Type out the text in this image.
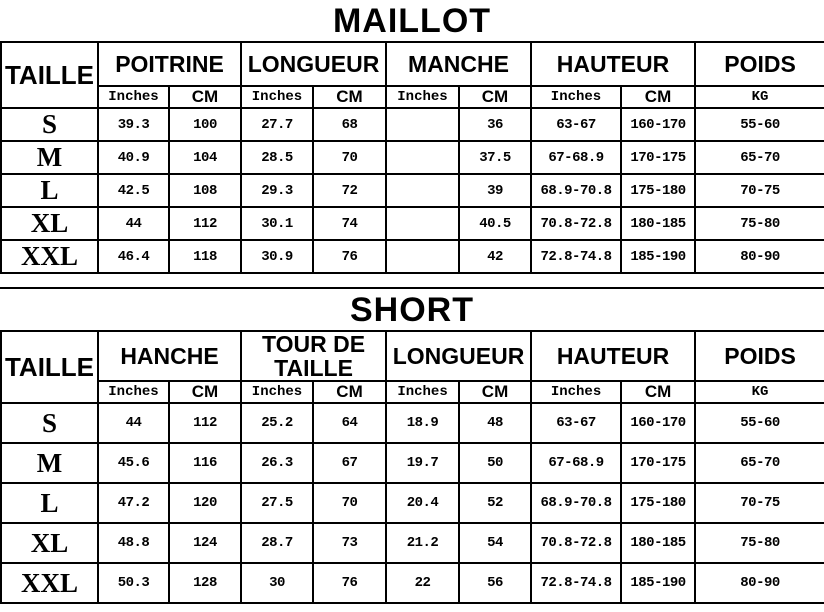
MAILLOT
TAILLE	POITRINE		LONGUEUR		MANCHE		HAUTEUR		POIDS
	Inches	CM	Inches	CM	Inches	CM	Inches	CM	KG
S	39.3	100	27.7	68		36	63-67	160-170	55-60
M	40.9	104	28.5	70		37.5	67-68.9	170-175	65-70
L	42.5	108	29.3	72		39	68.9-70.8	175-180	70-75
XL	44	112	30.1	74		40.5	70.8-72.8	180-185	75-80
XXL	46.4	118	30.9	76		42	72.8-74.8	185-190	80-90
SHORT
TAILLE	HANCHE		TOUR DE TAILLE		LONGUEUR		HAUTEUR		POIDS
	Inches	CM	Inches	CM	Inches	CM	Inches	CM	KG
S	44	112	25.2	64	18.9	48	63-67	160-170	55-60
M	45.6	116	26.3	67	19.7	50	67-68.9	170-175	65-70
L	47.2	120	27.5	70	20.4	52	68.9-70.8	175-180	70-75
XL	48.8	124	28.7	73	21.2	54	70.8-72.8	180-185	75-80
XXL	50.3	128	30	76	22	56	72.8-74.8	185-190	80-90
